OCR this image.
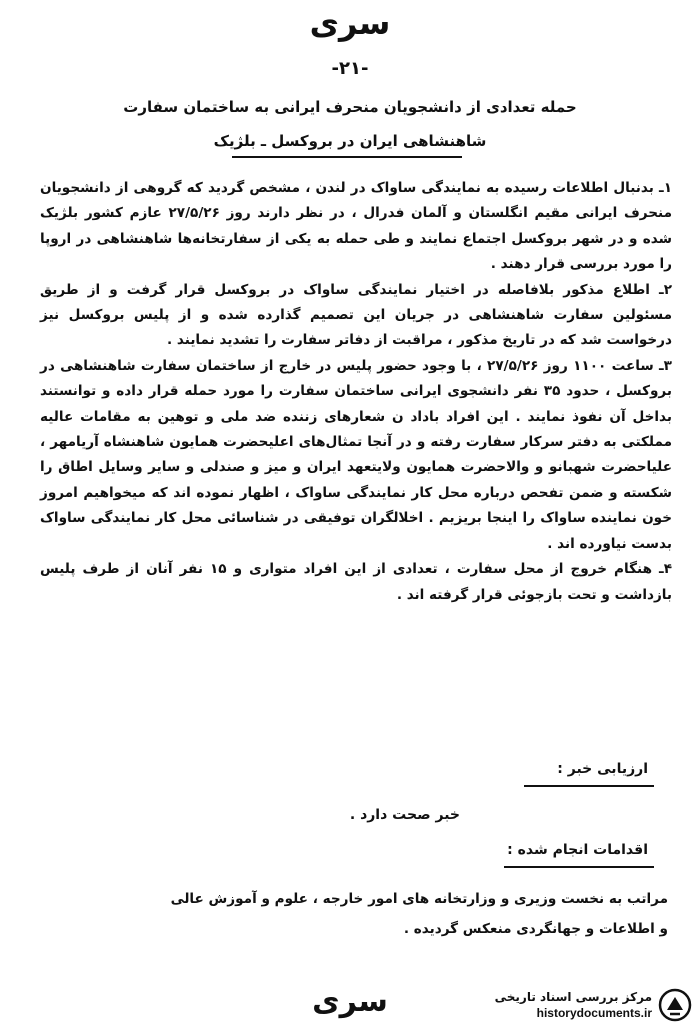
سری
-۲۱-
حمله تعدادی از دانشجویان منحرف ایرانی به ساختمان سفارت
شاهنشاهی ایران در بروکسل ـ بلژیک

۱ـ بدنبال اطلاعات رسیده به نمایندگی ساواک در لندن ، مشخص گردید که گروهی از دانشجویان منحرف ایرانی مقیم انگلستان و آلمان فدرال ، در نظر دارند روز ۲۷/۵/۲۶ عازم کشور بلژیک شده و در شهر بروکسل اجتماع نمایند و طی حمله به یکی از سفارتخانه‌ها شاهنشاهی در اروپا را مورد بررسی قرار دهند .

۲ـ اطلاع مذکور بلافاصله در اختیار نمایندگی ساواک در بروکسل قرار گرفت و از طریق مسئولین سفارت شاهنشاهی در جریان این تصمیم گذارده شده و از پلیس بروکسل نیز درخواست شد که در تاریخ مذکور ، مراقبت از دفاتر سفارت را تشدید نمایند .

۳ـ ساعت ۱۱۰۰ روز ۲۷/۵/۲۶ ، با وجود حضور پلیس در خارج از ساختمان سفارت شاهنشاهی در بروکسل ، حدود ۳۵ نفر دانشجوی ایرانی ساختمان سفارت را مورد حمله قرار داده و توانستند بداخل آن نفوذ نمایند . این افراد باداد ن شعارهای زننده ضد ملی و توهین به مقامات عالیه مملکتی به دفتر سرکار سفارت رفته و در آنجا تمثال‌های اعلیحضرت همایون شاهنشاه آریامهر ، علیاحضرت شهبانو و والاحضرت همایون ولایتعهد ایران و میز و صندلی و سایر وسایل اطاق را شکسته و ضمن تفحص درباره محل کار نمایندگی ساواک ، اظهار نموده اند که میخواهیم امروز خون نماینده ساواک را اینجا بریزیم . اخلالگران توفیقی در شناسائی محل کار نمایندگی ساواک بدست نیاورده اند .

۴ـ هنگام خروج از محل سفارت ، تعدادی از این افراد متواری و ۱۵ نفر آنان از طرف پلیس بازداشت و تحت بازجوئی قرار گرفته اند .

ارزیابی خبر :
خبر صحت دارد .
اقدامات انجام شده :

مراتب به نخست وزیری و وزارتخانه های امور خارجه ، علوم و آموزش عالی

و اطلاعات و جهانگردی منعکس گردیده .

سری	مرکز بررسی اسناد تاریخی
historydocuments.ir
